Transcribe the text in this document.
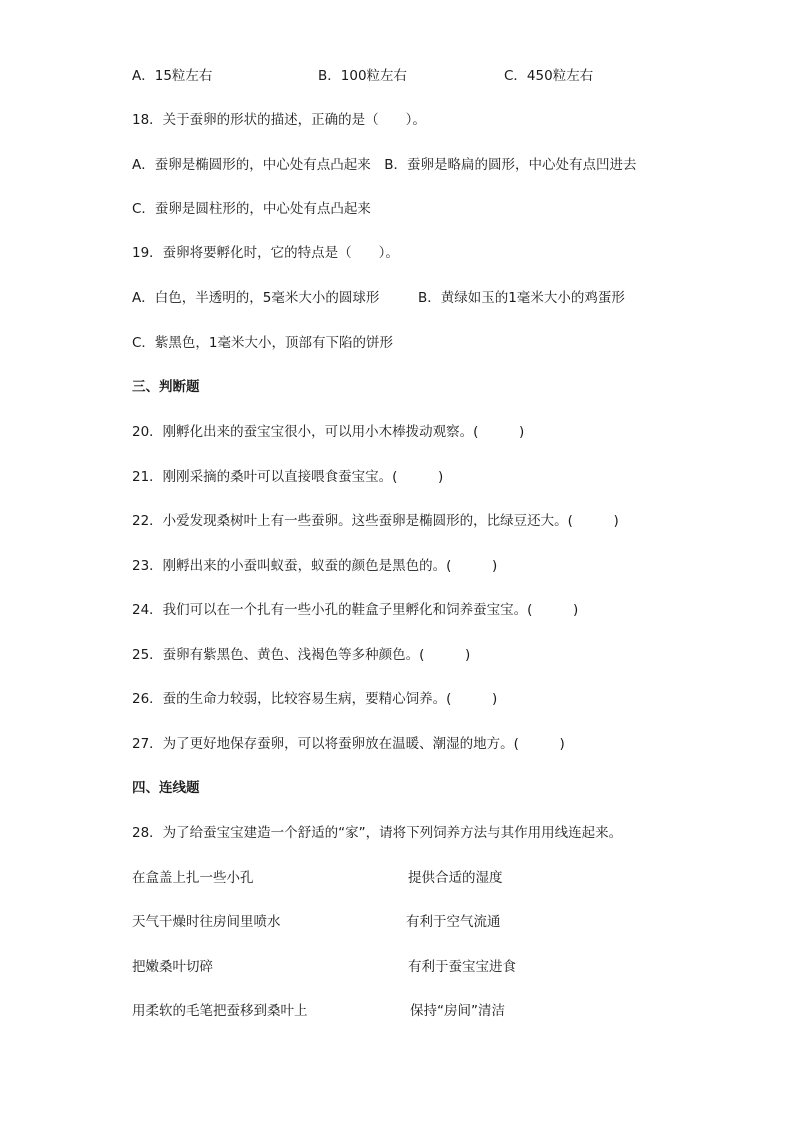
A．15粒左右	B．100粒左右	C．450粒左右
18．关于蚕卵的形状的描述，正确的是（　　）。
A．蚕卵是椭圆形的，中心处有点凸起来　B．蚕卵是略扁的圆形，中心处有点凹进去
C．蚕卵是圆柱形的，中心处有点凸起来
19．蚕卵将要孵化时，它的特点是（　　）。
A．白色，半透明的，5毫米大小的圆球形	B．黄绿如玉的1毫米大小的鸡蛋形
C．紫黑色，1毫米大小，顶部有下陷的饼形
三、判断题
20．刚孵化出来的蚕宝宝很小，可以用小木棒拨动观察。(　　　)
21．刚刚采摘的桑叶可以直接喂食蚕宝宝。(　　　)
22．小爱发现桑树叶上有一些蚕卵。这些蚕卵是椭圆形的，比绿豆还大。(　　　)
23．刚孵出来的小蚕叫蚁蚕，蚁蚕的颜色是黑色的。(　　　)
24．我们可以在一个扎有一些小孔的鞋盒子里孵化和饲养蚕宝宝。(　　　)
25．蚕卵有紫黑色、黄色、浅褐色等多种颜色。(　　　)
26．蚕的生命力较弱，比较容易生病，要精心饲养。(　　　)
27．为了更好地保存蚕卵，可以将蚕卵放在温暖、潮湿的地方。(　　　)
四、连线题
28．为了给蚕宝宝建造一个舒适的“家”，请将下列饲养方法与其作用用线连起来。
在盒盖上扎一些小孔	提供合适的湿度
天气干燥时往房间里喷水	有利于空气流通
把嫩桑叶切碎	有利于蚕宝宝进食
用柔软的毛笔把蚕移到桑叶上	保持“房间”清洁
